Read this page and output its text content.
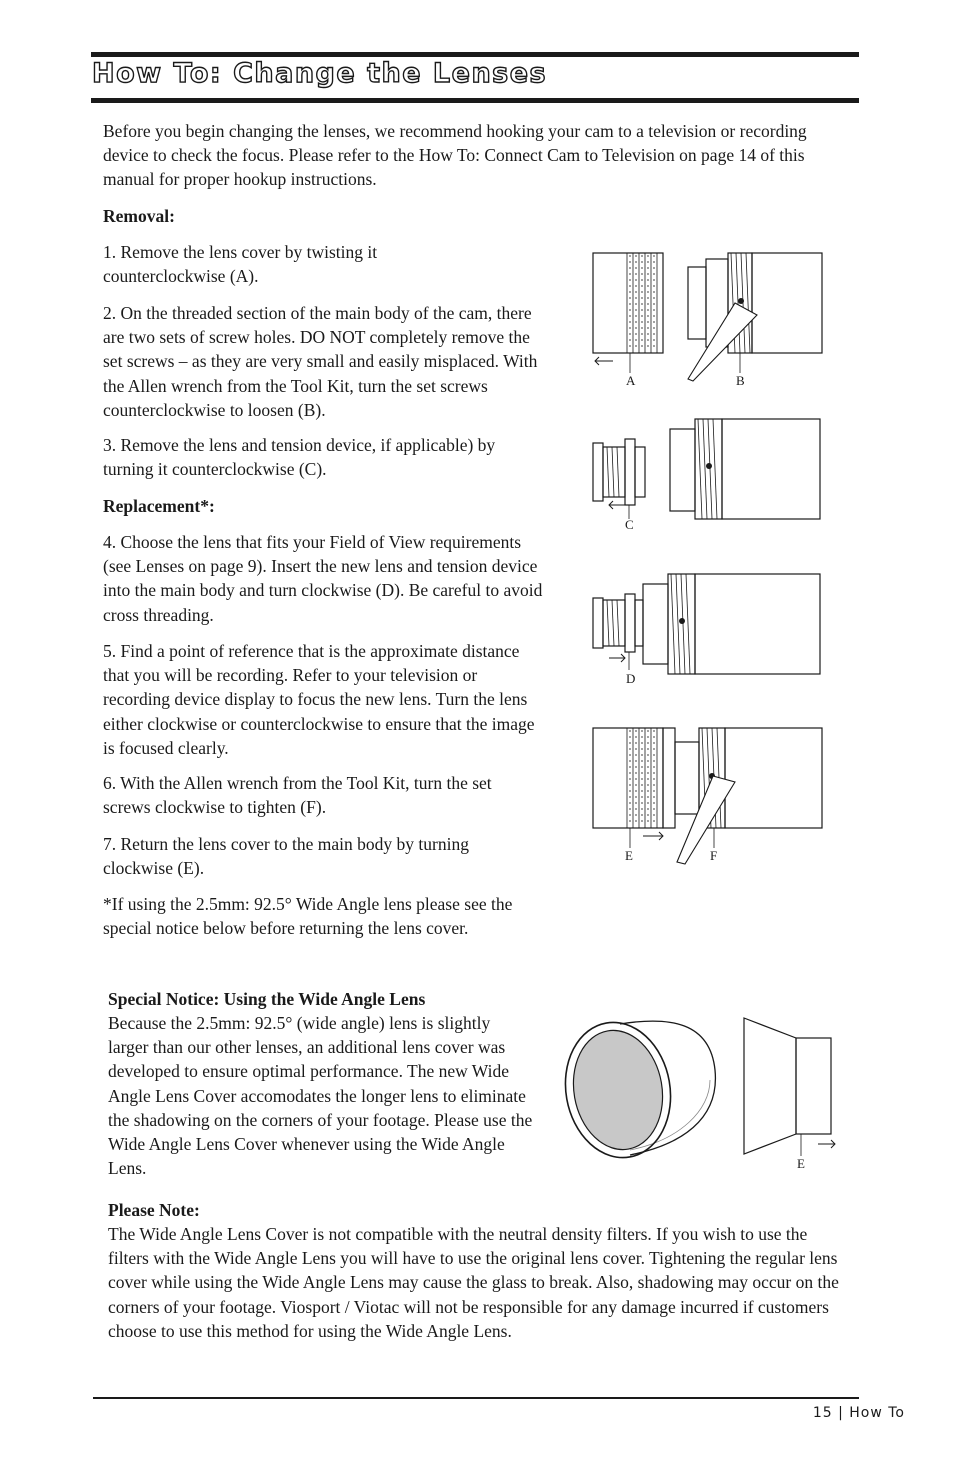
How To: Change the Lenses

Before you begin changing the lenses, we recommend hooking your cam to a television or recording device to check the focus. Please refer to the How To: Connect Cam to Television on page 14 of this manual for proper hookup instructions.

Removal:

1. Remove the lens cover by twisting it counterclockwise (A).

2. On the threaded section of the main body of the cam, there are two sets of screw holes. DO NOT completely remove the set screws – as they are very small and easily misplaced. With the Allen wrench from the Tool Kit, turn the set screws counterclockwise to loosen (B).

3. Remove the lens and tension device, if applicable) by turning it counterclockwise (C).

Replacement*:

4. Choose the lens that fits your Field of View requirements (see Lenses on page 9). Insert the new lens and tension device into the main body and turn clockwise (D). Be careful to avoid cross threading.

5. Find a point of reference that is the approximate distance that you will be recording. Refer to your television or recording device display to focus the new lens. Turn the lens either clockwise or counterclockwise to ensure that the image is focused clearly.

6. With the Allen wrench from the Tool Kit, turn the set screws clockwise to tighten (F).

7. Return the lens cover to the main body by turning clockwise (E).

*If using the 2.5mm: 92.5° Wide Angle lens please see the special notice below before returning the lens cover.

Special Notice: Using the Wide Angle Lens

Because the 2.5mm: 92.5° (wide angle) lens is slightly larger than our other lenses, an additional lens cover was developed to ensure optimal performance. The new Wide Angle Lens Cover accomodates the longer lens to eliminate the shadowing on the corners of your footage. Please use the Wide Angle Lens Cover whenever using the Wide Angle Lens.

Please Note:

The Wide Angle Lens Cover is not compatible with the neutral density filters. If you wish to use the filters with the Wide Angle Lens you will have to use the original lens cover. Tightening the regular lens cover while using the Wide Angle Lens may cause the glass to break. Also, shadowing may occur on the corners of your footage. Viosport / Viotac will not be responsible for any damage incurred if customers choose to use this method for using the Wide Angle Lens.

A	B
C
D
E	F
E
15 | How To
